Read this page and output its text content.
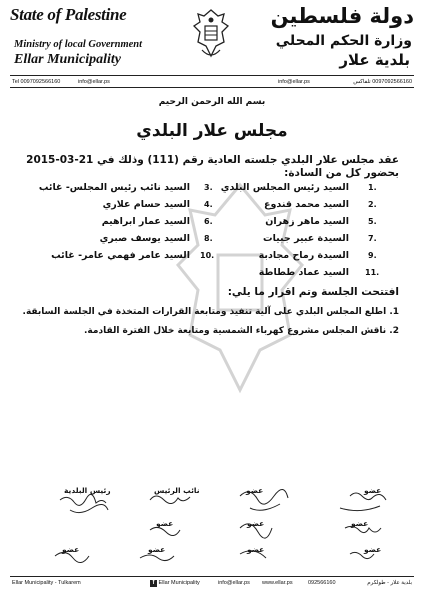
State of Palestine
Ministry of local Government
Ellar Municipality
دولة فلسطين
وزارة الحكم المحلي
بلدية علار
Tel 0097092566160	info@ellar.ps	info@ellar.ps	0097092566160 تلفاكس
بسم الله الرحمن الرحيم
مجلس علار البلدي
عقد مجلس علار البلدي جلسته العادية رقم (111) وذلك في 21-03-2015 بحضور كل من السادة:
1.
السيد رئيس المجلس البلدي
2.
السيد محمد قندوع
5.
السيد ماهر زهران
7.
السيدة عبير جبيات
9.
السيدة رماح مجادبة
11.
السيد عماد ططاطة
3.
السيد نائب رئيس المجلس- غائب
4.
السيد حسام علاري
6.
السيد عمار ابراهيم
8.
السيد يوسف صبري
10.
السيد عامر فهمي عامر- غائب
افتتحت الجلسة وتم اقرار ما يلي:
1. اطلع المجلس البلدي على آلية تنفيذ ومتابعة القرارات المتخذة في الجلسة السابقة.
2. ناقش المجلس مشروع كهرباء الشمسية ومتابعة خلال الفترة القادمة.
رئيس البلدية	نائب الرئيس	عضو	عضو
عضو	عضو	عضو
عضو	عضو	عضو	عضو
Ellar Municipality - Tulkarem	f Ellar Municipality	info@ellar.ps www.ellar.ps	092566160	بلدية علار - طولكرم
